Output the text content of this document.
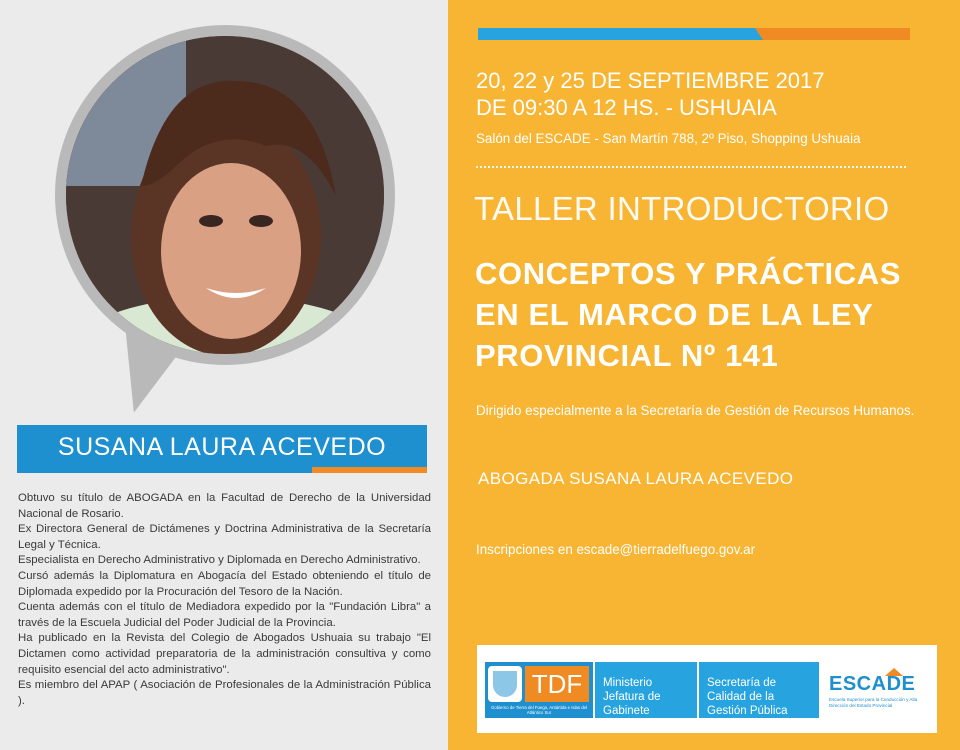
SUSANA LAURA ACEVEDO

Obtuvo su título de ABOGADA en la Facultad de Derecho de la Universidad Nacional de Rosario.

Ex Directora General de Dictámenes y Doctrina Administrativa de la Secretaría Legal y Técnica.

Especialista en Derecho Administrativo y Diplomada en Derecho Administrativo.

Cursó además la Diplomatura en Abogacía del Estado obteniendo el título de Diplomada expedido por la Procuración del Tesoro de la Nación.

Cuenta además con el título de Mediadora expedido por la "Fundación Libra" a través de la Escuela Judicial del Poder Judicial de la Provincia.

Ha publicado en la Revista del Colegio de Abogados Ushuaia su trabajo "El Dictamen como actividad preparatoria de la administración consultiva y como requisito esencial del acto administrativo".

Es miembro del APAP ( Asociación de Profesionales de la Administración Pública ).

20, 22 y 25 DE SEPTIEMBRE 2017
DE 09:30 A 12 HS. - USHUAIA
Salón del ESCADE - San Martín 788, 2º Piso, Shopping Ushuaia
TALLER INTRODUCTORIO
CONCEPTOS Y PRÁCTICAS
EN EL MARCO DE LA LEY
PROVINCIAL Nº 141
Dirigido especialmente a la Secretaría de Gestión de Recursos Humanos.
ABOGADA SUSANA LAURA ACEVEDO
Inscripciones en escade@tierradelfuego.gov.ar
TDF
Gobierno de Tierra del Fuego, Antártida e Islas del Atlántico Sur
Ministerio Jefatura de Gabinete
Secretaría de Calidad de la Gestión Pública
ESCADE
Escuela Superior para la Conducción y Alta Dirección del Estado Provincial
